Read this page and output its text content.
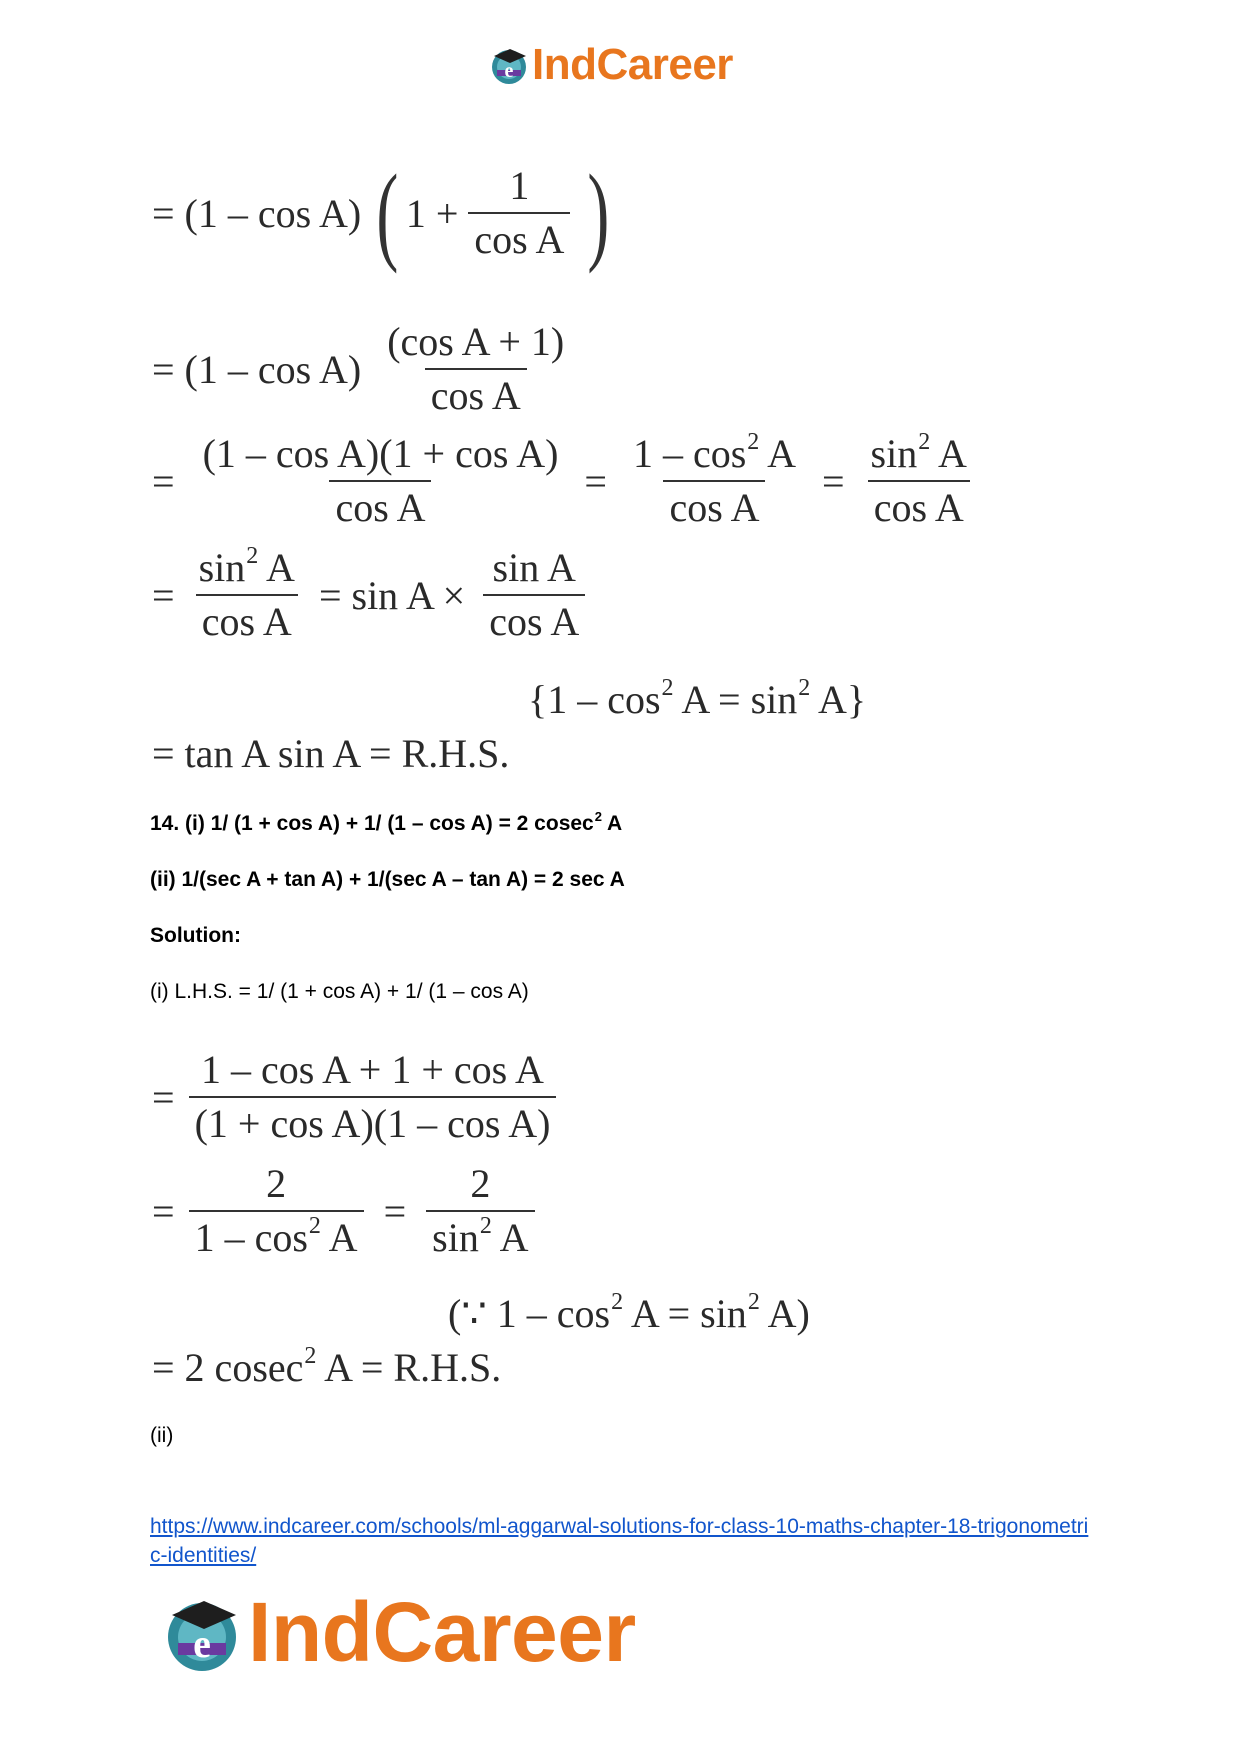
e IndCareer
= (1 – cos A) ( $1 + \frac{1}{\text{cos A}}$ )
= $(1 - \cos A) \frac{\text{(cos A + 1)}}{\text{cos A}}$
= $\frac{\text{(1 – cos A)(1 + cos A)}}{\text{cos A}} = \frac{1 - \cos^2 A}{\text{cos A}} = \frac{\sin^2 A}{\text{cos A}}$
= $\frac{\sin^2 A}{\text{cos A}} = \sin A \times \frac{\text{sin A}}{\text{cos A}}$
$\{1 - \cos^2 A = \sin^2 A\}$
= tan A sin A = R.H.S.
14. (i) 1/ (1 + cos A) + 1/ (1 – cos A) = 2 cosec$^2$ A
(ii) 1/(sec A + tan A) + 1/(sec A – tan A) = 2 sec A
Solution:
(i) L.H.S. = 1/ (1 + cos A) + 1/ (1 – cos A)
= $\frac{\text{1 – cos A + 1 + cos A}}{\text{(1 + cos A)(1 – cos A)}}$
= $\frac{2}{1 - \cos^2 A} = \frac{2}{\sin^2 A}$
(∵ $1 - \cos^2 A = \sin^2 A$)
= 2 cosec$^2$ A = R.H.S.
(ii)
https://www.indcareer.com/schools/ml-aggarwal-solutions-for-class-10-maths-chapter-18-trigonometric-identities/
e IndCareer
